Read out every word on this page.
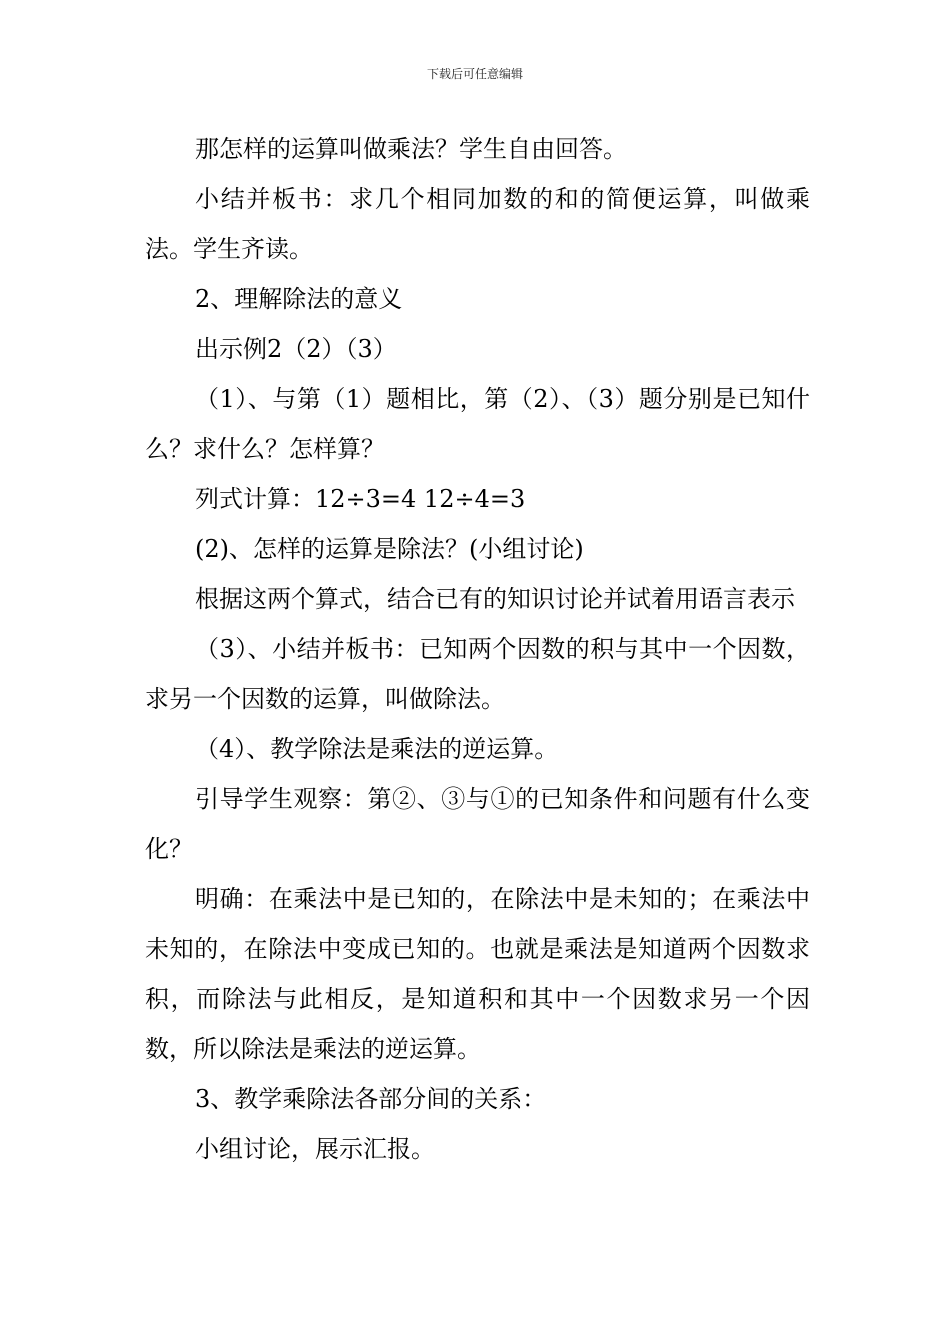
下载后可任意编辑

那怎样的运算叫做乘法？学生自由回答。

小结并板书：求几个相同加数的和的简便运算，叫做乘法。学生齐读。

2、理解除法的意义

出示例2（2）（3）

（1）、与第（1）题相比，第（2）、（3）题分别是已知什么？求什么？怎样算？

列式计算：12÷3=4 12÷4=3

(2)、怎样的运算是除法？(小组讨论)

根据这两个算式，结合已有的知识讨论并试着用语言表示

（3）、小结并板书：已知两个因数的积与其中一个因数，求另一个因数的运算，叫做除法。

（4）、教学除法是乘法的逆运算。

引导学生观察：第②、③与①的已知条件和问题有什么变化？

明确：在乘法中是已知的，在除法中是未知的；在乘法中未知的，在除法中变成已知的。也就是乘法是知道两个因数求积，而除法与此相反，是知道积和其中一个因数求另一个因数，所以除法是乘法的逆运算。

3、教学乘除法各部分间的关系：

小组讨论，展示汇报。
